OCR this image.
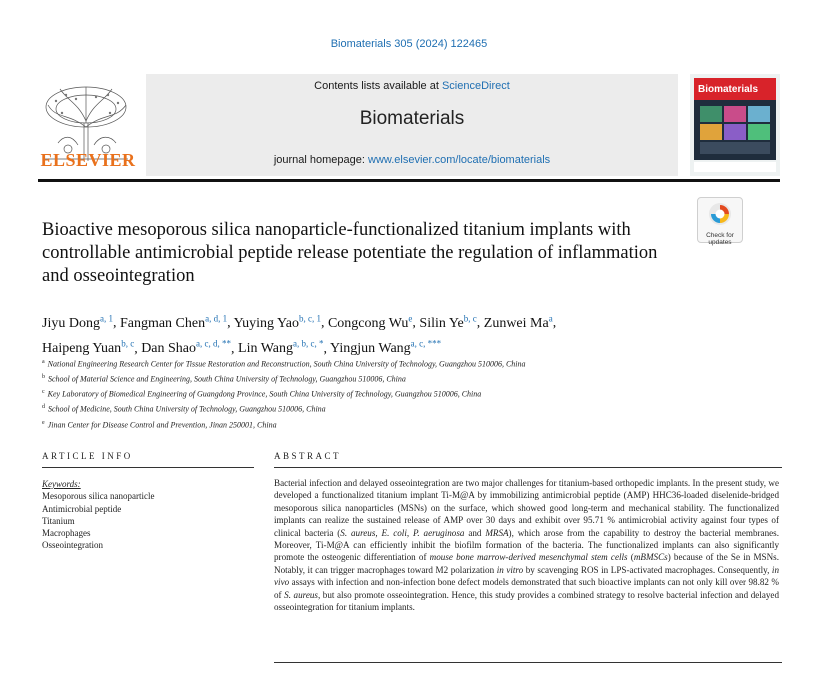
Biomaterials 305 (2024) 122465
ELSEVIER
Contents lists available at ScienceDirect
Biomaterials
journal homepage: www.elsevier.com/locate/biomaterials
Biomaterials
Bioactive mesoporous silica nanoparticle-functionalized titanium implants with controllable antimicrobial peptide release potentiate the regulation of inflammation and osseointegration
Check for updates
Jiyu Dong$^{a, 1}$, Fangman Chen$^{a, d, 1}$, Yuying Yao$^{b, c, 1}$, Congcong Wu$^e$, Silin Ye$^{b, c}$, Zunwei Ma$^a$,
Haipeng Yuan$^{b, c}$, Dan Shao$^{a, c, d, **}$, Lin Wang$^{a, b, c, *}$, Yingjun Wang$^{a, c, ***}$
$^a$ National Engineering Research Center for Tissue Restoration and Reconstruction, South China University of Technology, Guangzhou 510006, China
$^b$ School of Material Science and Engineering, South China University of Technology, Guangzhou 510006, China
$^c$ Key Laboratory of Biomedical Engineering of Guangdong Province, South China University of Technology, Guangzhou 510006, China
$^d$ School of Medicine, South China University of Technology, Guangzhou 510006, China
$^e$ Jinan Center for Disease Control and Prevention, Jinan 250001, China
ARTICLE INFO	ABSTRACT
Keywords:
Mesoporous silica nanoparticle
Antimicrobial peptide
Titanium
Macrophages
Osseointegration
Bacterial infection and delayed osseointegration are two major challenges for titanium-based orthopedic implants. In the present study, we developed a functionalized titanium implant Ti-M@A by immobilizing antimicrobial peptide (AMP) HHC36-loaded diselenide-bridged mesoporous silica nanoparticles (MSNs) on the surface, which showed good long-term and mechanical stability. The functionalized implants can realize the sustained release of AMP over 30 days and exhibit over 95.71 % antimicrobial activity against four types of clinical bacteria (S. aureus, E. coli, P. aeruginosa and MRSA), which arose from the capability to destroy the bacterial membranes. Moreover, Ti-M@A can efficiently inhibit the biofilm formation of the bacteria. The functionalized implants can also significantly promote the osteogenic differentiation of mouse bone marrow-derived mesenchymal stem cells (mBMSCs) because of the Se in MSNs. Notably, it can trigger macrophages toward M2 polarization in vitro by scavenging ROS in LPS-activated macrophages. Consequently, in vivo assays with infection and non-infection bone defect models demonstrated that such bioactive implants can not only kill over 98.82 % of S. aureus, but also promote osseointegration. Hence, this study provides a combined strategy to resolve bacterial infection and delayed osseointegration for titanium implants.
